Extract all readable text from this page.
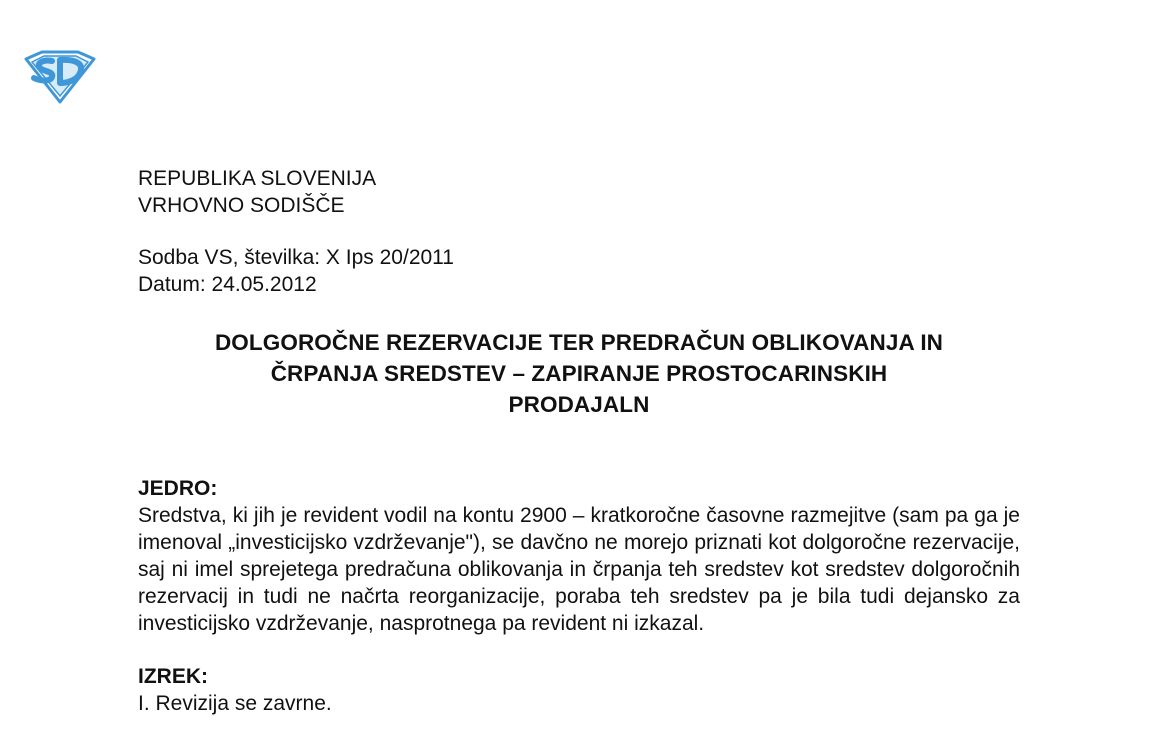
REPUBLIKA SLOVENIJA
VRHOVNO SODIŠČE
Sodba VS, številka: X Ips 20/2011
Datum: 24.05.2012
DOLGOROČNE REZERVACIJE TER PREDRAČUN OBLIKOVANJA IN
ČRPANJA SREDSTEV – ZAPIRANJE PROSTOCARINSKIH
PRODAJALN
JEDRO:
Sredstva, ki jih je revident vodil na kontu 2900 – kratkoročne časovne razmejitve (sam pa ga je imenoval „investicijsko vzdrževanje"), se davčno ne morejo priznati kot dolgoročne rezervacije, saj ni imel sprejetega predračuna oblikovanja in črpanja teh sredstev kot sredstev dolgoročnih rezervacij in tudi ne načrta reorganizacije, poraba teh sredstev pa je bila tudi dejansko za investicijsko vzdrževanje, nasprotnega pa revident ni izkazal.
IZREK:
I. Revizija se zavrne.
